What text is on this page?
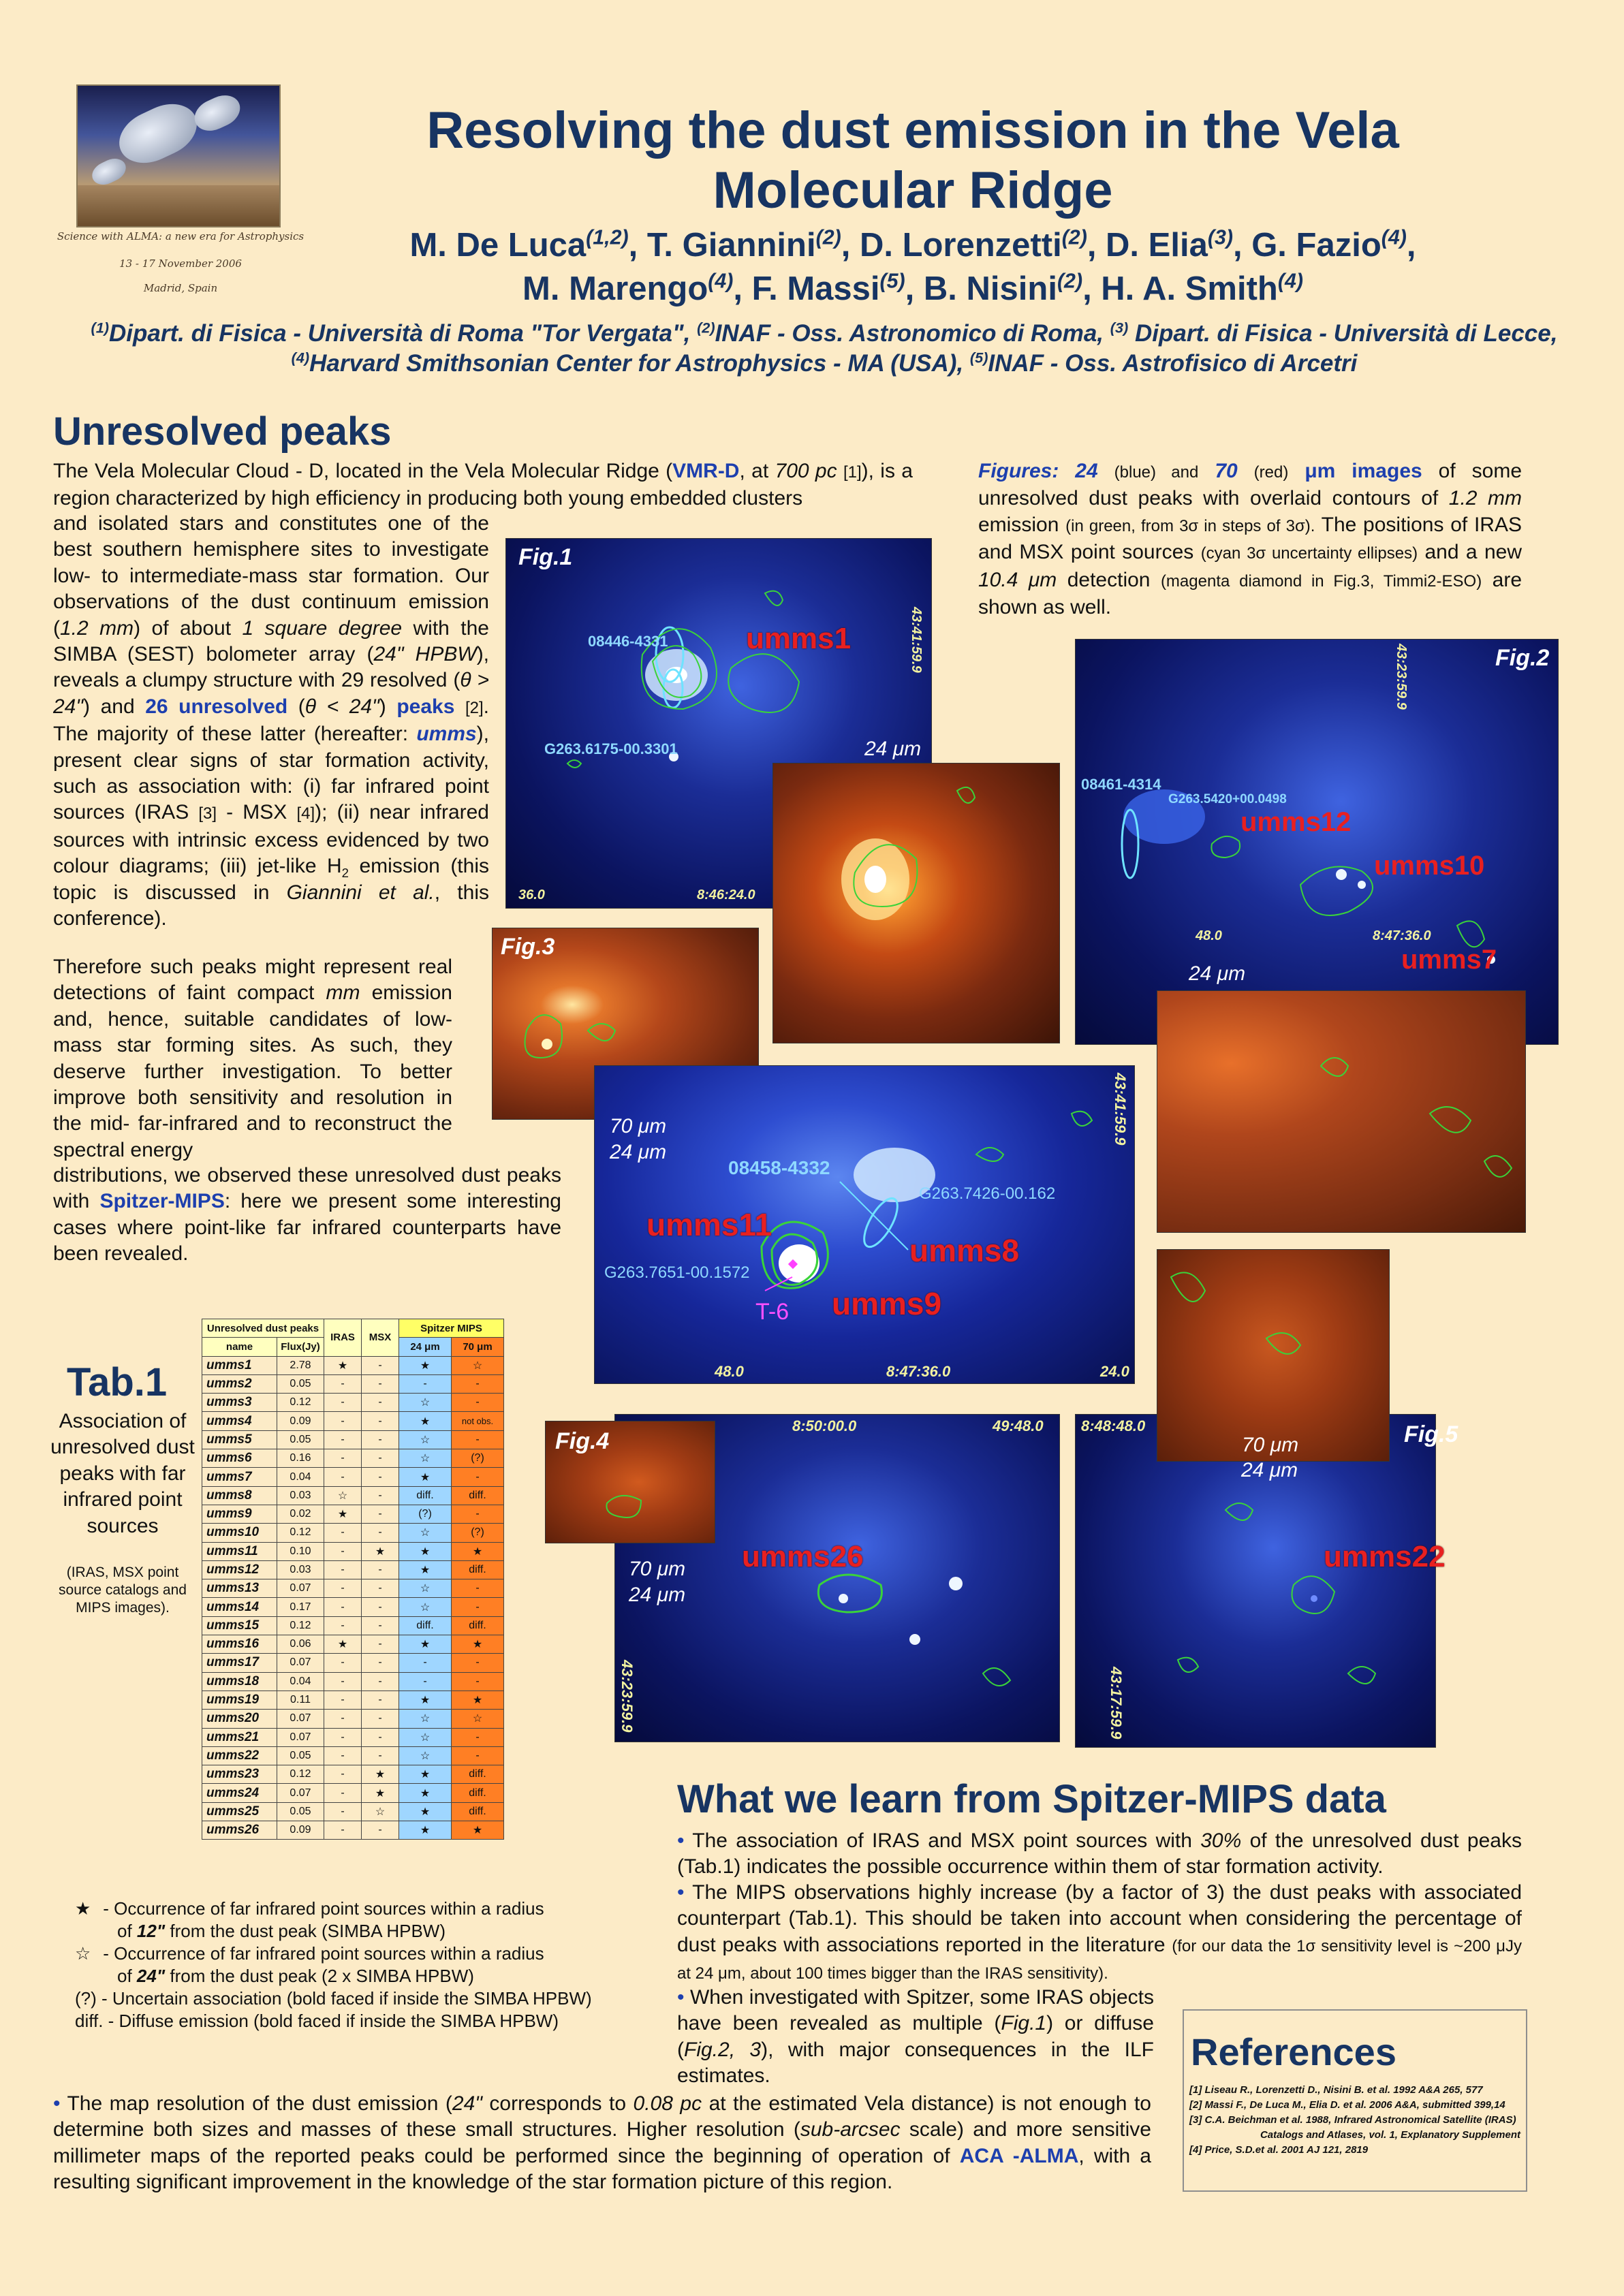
Science with ALMA: a new era for Astrophysics
13 - 17 November 2006
Madrid, Spain
Resolving the dust emission in the Vela
Molecular Ridge
M. De Luca$^{(1,2)}$, T. Giannini$^{(2)}$, D. Lorenzetti$^{(2)}$, D. Elia$^{(3)}$, G. Fazio$^{(4)}$,
M. Marengo$^{(4)}$, F. Massi$^{(5)}$, B. Nisini$^{(2)}$, H. A. Smith$^{(4)}$
$^{(1)}$Dipart. di Fisica - Università di Roma "Tor Vergata", $^{(2)}$INAF - Oss. Astronomico di Roma, $^{(3)}$ Dipart. di Fisica - Università di Lecce,
$^{(4)}$Harvard Smithsonian Center for Astrophysics - MA (USA), $^{(5)}$INAF - Oss. Astrofisico di Arcetri
Unresolved peaks
The Vela Molecular Cloud - D, located in the Vela Molecular Ridge (VMR-D, at 700 pc [1]), is a region characterized by high efficiency in producing both young embedded clusters
and isolated stars and constitutes one of the best southern hemisphere sites to investigate low- to intermediate-mass star formation. Our observations of the dust continuum emission (1.2 mm) of about 1 square degree with the SIMBA (SEST) bolometer array (24" HPBW), reveals a clumpy structure with 29 resolved (θ > 24") and 26 unresolved (θ < 24") peaks [2]. The majority of these latter (hereafter: umms), present clear signs of star formation activity, such as association with: (i) far infrared point sources (IRAS [3] - MSX [4]); (ii) near infrared sources with intrinsic excess evidenced by two colour diagrams; (iii) jet-like $H_2$ emission (this topic is discussed in Giannini et al., this conference).
Therefore such peaks might represent real detections of faint compact mm emission and, hence, suitable candidates of low-mass star forming sites. As such, they deserve further investigation. To better improve both sensitivity and resolution in the mid- far-infrared and to reconstruct the spectral energy
distributions, we observed these unresolved dust peaks with Spitzer-MIPS: here we present some interesting cases where point-like far infrared counterparts have been revealed.
Figures: 24 (blue) and 70 (red) μm images of some unresolved dust peaks with overlaid contours of 1.2 mm emission (in green, from 3σ in steps of 3σ). The positions of IRAS and MSX point sources (cyan 3σ uncertainty ellipses) and a new 10.4 μm detection (magenta diamond in Fig.3, Timmi2-ESO) are shown as well.
Fig.1
08446-4331
G263.6175-00.3301
umms1
36.0	8:46:24.0
43:41:59.9
24 μm
Fig.2
08461-4314
G263.5420+00.0498
umms12
umms10
umms7
48.0	8:47:36.0
43:23:59.9
24 μm
Fig.3
08458-4332
G263.7426-00.162
G263.7651-00.1572
umms11
umms8
umms9
T-6
48.0	8:47:36.0	24.0
43:41:59.9
70 μm
24 μm
umms26
8:50:00.0	49:48.0
43:23:59.9
70 μm
24 μm
Fig.4
8:48:48.0
43:17:59.9
umms22
Fig.5
70 μm
24 μm
Tab.1
Association of unresolved dust peaks with far infrared point sources
(IRAS, MSX point source catalogs and MIPS images).
Unresolved dust peaks		IRAS	MSX	Spitzer MIPS	
name	Flux(Jy)			24 μm	70 μm
umms1	2.78	★	-	★	☆
umms2	0.05	-	-	-	-
umms3	0.12	-	-	☆	-
umms4	0.09	-	-	★	not obs.
umms5	0.05	-	-	☆	-
umms6	0.16	-	-	☆	(?)
umms7	0.04	-	-	★	-
umms8	0.03	☆	-	diff.	diff.
umms9	0.02	★	-	(?)	-
umms10	0.12	-	-	☆	(?)
umms11	0.10	-	★	★	★
umms12	0.03	-	-	★	diff.
umms13	0.07	-	-	☆	-
umms14	0.17	-	-	☆	-
umms15	0.12	-	-	diff.	diff.
umms16	0.06	★	-	★	★
umms17	0.07	-	-	-	-
umms18	0.04	-	-	-	-
umms19	0.11	-	-	★	★
umms20	0.07	-	-	☆	☆
umms21	0.07	-	-	☆	-
umms22	0.05	-	-	☆	-
umms23	0.12	-	★	★	diff.
umms24	0.07	-	★	★	diff.
umms25	0.05	-	☆	★	diff.
umms26	0.09	-	-	★	★
★ - Occurrence of far infrared point sources within a radius
of 12" from the dust peak (SIMBA HPBW)
☆ - Occurrence of far infrared point sources within a radius
of 24" from the dust peak (2 x SIMBA HPBW)
(?) - Uncertain association (bold faced if inside the SIMBA HPBW)
diff. - Diffuse emission (bold faced if inside the SIMBA HPBW)
What we learn from Spitzer-MIPS data
• The association of IRAS and MSX point sources with 30% of the unresolved dust peaks (Tab.1) indicates the possible occurrence within them of star formation activity.
• The MIPS observations highly increase (by a factor of 3) the dust peaks with associated counterpart (Tab.1). This should be taken into account when considering the percentage of dust peaks with associations reported in the literature (for our data the 1σ sensitivity level is ~200 μJy at 24 μm, about 100 times bigger than the IRAS sensitivity).
• When investigated with Spitzer, some IRAS objects have been revealed as multiple (Fig.1) or diffuse (Fig.2, 3), with major consequences in the ILF estimates.
• The map resolution of the dust emission (24" corresponds to 0.08 pc at the estimated Vela distance) is not enough to determine both sizes and masses of these small structures. Higher resolution (sub-arcsec scale) and more sensitive millimeter maps of the reported peaks could be performed since the beginning of operation of ACA -ALMA, with a resulting significant improvement in the knowledge of the star formation picture of this region.
References
[1] Liseau R., Lorenzetti D., Nisini B. et al. 1992 A&A 265, 577
[2] Massi F., De Luca M., Elia D. et al. 2006 A&A, submitted 399,14
[3] C.A. Beichman et al. 1988, Infrared Astronomical Satellite (IRAS)
Catalogs and Atlases, vol. 1, Explanatory Supplement
[4] Price, S.D.et al. 2001 AJ 121, 2819
